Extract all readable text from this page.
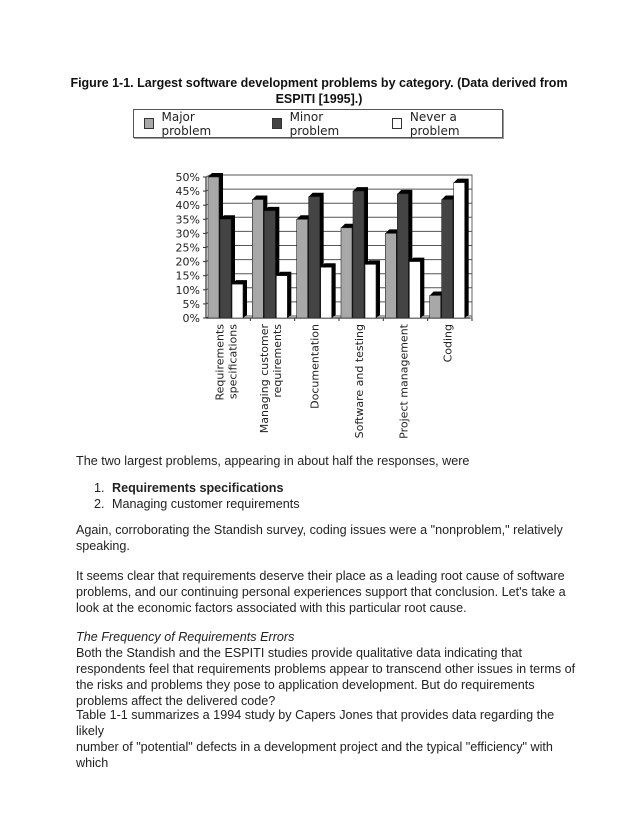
Figure 1-1. Largest software development problems by category. (Data derived from
ESPITI [1995].)
Major problem
Minor problem
Never a problem
0%
5%
10%
15%
20%
25%
30%
35%
40%
45%
50%
Requirements specifications Managing customer requirements Documentation	Software and testing	Project management	Coding
The two largest problems, appearing in about half the responses, were
1. Requirements specifications
2. Managing customer requirements
Again, corroborating the Standish survey, coding issues were a "nonproblem," relatively
speaking.
It seems clear that requirements deserve their place as a leading root cause of software
problems, and our continuing personal experiences support that conclusion. Let's take a
look at the economic factors associated with this particular root cause.
The Frequency of Requirements Errors
Both the Standish and the ESPITI studies provide qualitative data indicating that
respondents feel that requirements problems appear to transcend other issues in terms of
the risks and problems they pose to application development. But do requirements
problems affect the delivered code?
Table 1-1 summarizes a 1994 study by Capers Jones that provides data regarding the likely
number of "potential" defects in a development project and the typical "efficiency" with which
